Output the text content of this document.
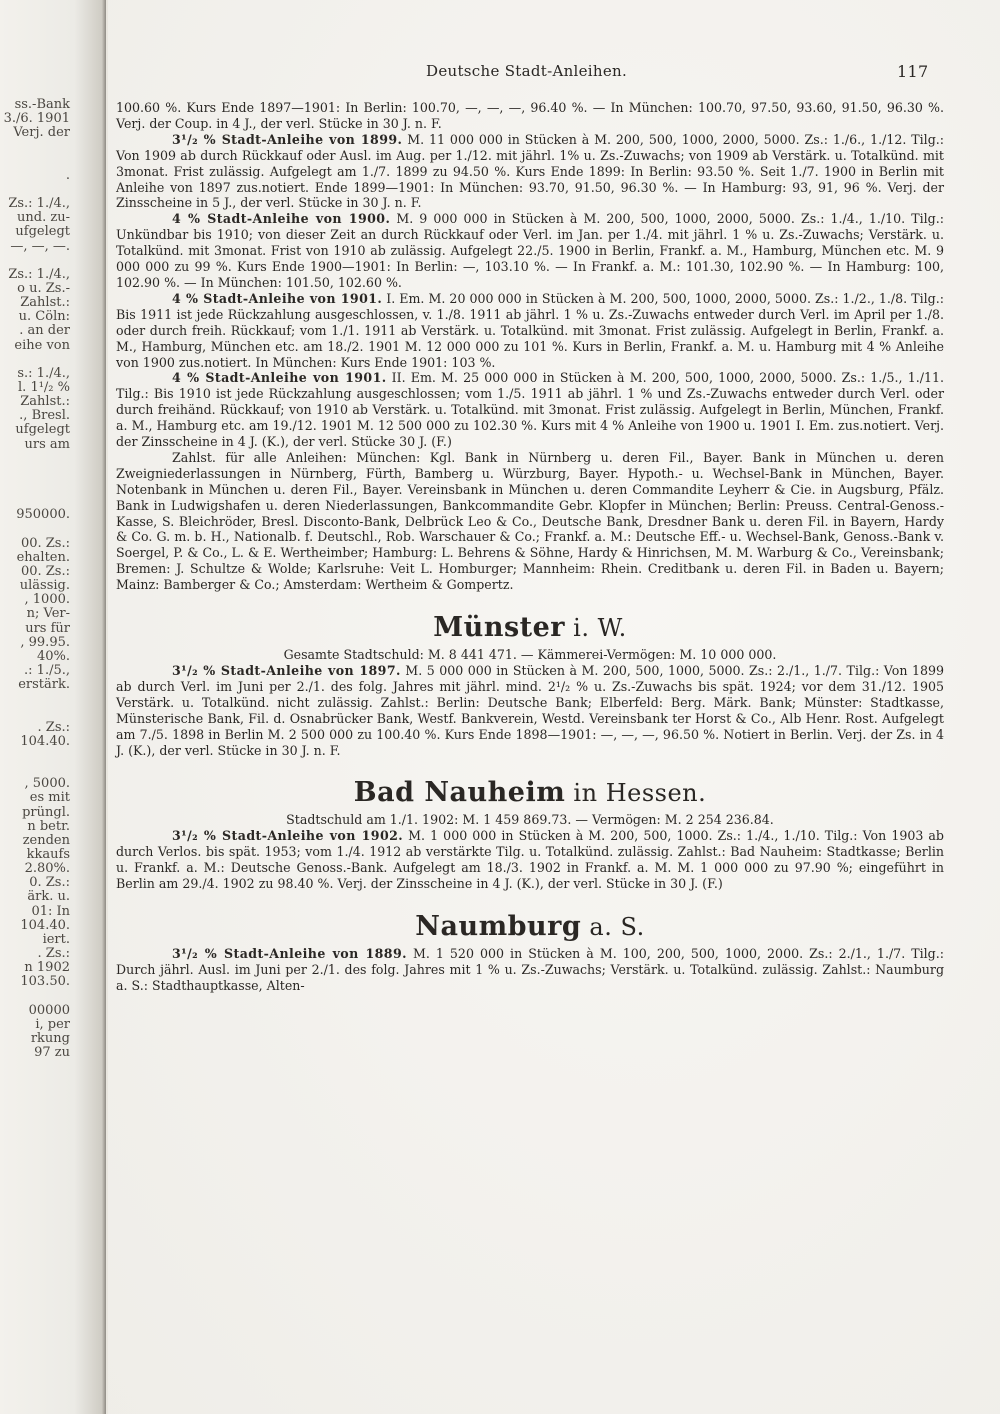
ss.-Bank
3./6. 1901
Verj. der
.
Zs.: 1./4.,
und. zu-
ufgelegt
—, —, —.
Zs.: 1./4.,
o u. Zs.-
Zahlst.:
u. Cöln:
. an der
eihe von
s.: 1./4.,
l. 1¹/₂ %
Zahlst.:
., Bresl.
ufgelegt
urs am
950000.
00. Zs.:
ehalten.
00. Zs.:
ulässig.
, 1000.
n; Ver-
urs für
, 99.95.
40%.
.: 1./5.,
erstärk.
. Zs.:
104.40.
, 5000.
es mit
prüngl.
n betr.
zenden
kkaufs
2.80%.
0. Zs.:
ärk. u.
01: In
104.40.
iert.
. Zs.:
n 1902
103.50.
00000
i, per
rkung
97 zu
Deutsche Stadt-Anleihen.	117

100.60 %. Kurs Ende 1897—1901: In Berlin: 100.70, —, —, —, 96.40 %. — In München: 100.70, 97.50, 93.60, 91.50, 96.30 %. Verj. der Coup. in 4 J., der verl. Stücke in 30 J. n. F.

3¹/₂ % Stadt-Anleihe von 1899. M. 11 000 000 in Stücken à M. 200, 500, 1000, 2000, 5000. Zs.: 1./6., 1./12. Tilg.: Von 1909 ab durch Rückkauf oder Ausl. im Aug. per 1./12. mit jährl. 1% u. Zs.-Zuwachs; von 1909 ab Verstärk. u. Totalkünd. mit 3monat. Frist zulässig. Aufgelegt am 1./7. 1899 zu 94.50 %. Kurs Ende 1899: In Berlin: 93.50 %. Seit 1./7. 1900 in Berlin mit Anleihe von 1897 zus.notiert. Ende 1899—1901: In München: 93.70, 91.50, 96.30 %. — In Hamburg: 93, 91, 96 %. Verj. der Zinsscheine in 5 J., der verl. Stücke in 30 J. n. F.

4 % Stadt-Anleihe von 1900. M. 9 000 000 in Stücken à M. 200, 500, 1000, 2000, 5000. Zs.: 1./4., 1./10. Tilg.: Unkündbar bis 1910; von dieser Zeit an durch Rückkauf oder Verl. im Jan. per 1./4. mit jährl. 1 % u. Zs.-Zuwachs; Verstärk. u. Totalkünd. mit 3monat. Frist von 1910 ab zulässig. Aufgelegt 22./5. 1900 in Berlin, Frankf. a. M., Hamburg, München etc. M. 9 000 000 zu 99 %. Kurs Ende 1900—1901: In Berlin: —, 103.10 %. — In Frankf. a. M.: 101.30, 102.90 %. — In Hamburg: 100, 102.90 %. — In München: 101.50, 102.60 %.

4 % Stadt-Anleihe von 1901. I. Em. M. 20 000 000 in Stücken à M. 200, 500, 1000, 2000, 5000. Zs.: 1./2., 1./8. Tilg.: Bis 1911 ist jede Rückzahlung ausgeschlossen, v. 1./8. 1911 ab jährl. 1 % u. Zs.-Zuwachs entweder durch Verl. im April per 1./8. oder durch freih. Rückkauf; vom 1./1. 1911 ab Verstärk. u. Totalkünd. mit 3monat. Frist zulässig. Aufgelegt in Berlin, Frankf. a. M., Hamburg, München etc. am 18./2. 1901 M. 12 000 000 zu 101 %. Kurs in Berlin, Frankf. a. M. u. Hamburg mit 4 % Anleihe von 1900 zus.notiert. In München: Kurs Ende 1901: 103 %.

4 % Stadt-Anleihe von 1901. II. Em. M. 25 000 000 in Stücken à M. 200, 500, 1000, 2000, 5000. Zs.: 1./5., 1./11. Tilg.: Bis 1910 ist jede Rückzahlung ausgeschlossen; vom 1./5. 1911 ab jährl. 1 % und Zs.-Zuwachs entweder durch Verl. oder durch freihänd. Rückkauf; von 1910 ab Verstärk. u. Totalkünd. mit 3monat. Frist zulässig. Aufgelegt in Berlin, München, Frankf. a. M., Hamburg etc. am 19./12. 1901 M. 12 500 000 zu 102.30 %. Kurs mit 4 % Anleihe von 1900 u. 1901 I. Em. zus.notiert. Verj. der Zinsscheine in 4 J. (K.), der verl. Stücke 30 J. (F.)

Zahlst. für alle Anleihen: München: Kgl. Bank in Nürnberg u. deren Fil., Bayer. Bank in München u. deren Zweigniederlassungen in Nürnberg, Fürth, Bamberg u. Würzburg, Bayer. Hypoth.- u. Wechsel-Bank in München, Bayer. Notenbank in München u. deren Fil., Bayer. Vereinsbank in München u. deren Commandite Leyherr & Cie. in Augsburg, Pfälz. Bank in Ludwigshafen u. deren Niederlassungen, Bankcommandite Gebr. Klopfer in München; Berlin: Preuss. Central-Genoss.-Kasse, S. Bleichröder, Bresl. Disconto-Bank, Delbrück Leo & Co., Deutsche Bank, Dresdner Bank u. deren Fil. in Bayern, Hardy & Co. G. m. b. H., Nationalb. f. Deutschl., Rob. Warschauer & Co.; Frankf. a. M.: Deutsche Eff.- u. Wechsel-Bank, Genoss.-Bank v. Soergel, P. & Co., L. & E. Wertheimber; Hamburg: L. Behrens & Söhne, Hardy & Hinrichsen, M. M. Warburg & Co., Vereinsbank; Bremen: J. Schultze & Wolde; Karlsruhe: Veit L. Homburger; Mannheim: Rhein. Creditbank u. deren Fil. in Baden u. Bayern; Mainz: Bamberger & Co.; Amsterdam: Wertheim & Gompertz.

Münster i. W.

Gesamte Stadtschuld: M. 8 441 471. — Kämmerei-Vermögen: M. 10 000 000.

3¹/₂ % Stadt-Anleihe von 1897. M. 5 000 000 in Stücken à M. 200, 500, 1000, 5000. Zs.: 2./1., 1./7. Tilg.: Von 1899 ab durch Verl. im Juni per 2./1. des folg. Jahres mit jährl. mind. 2¹/₂ % u. Zs.-Zuwachs bis spät. 1924; vor dem 31./12. 1905 Verstärk. u. Totalkünd. nicht zulässig. Zahlst.: Berlin: Deutsche Bank; Elberfeld: Berg. Märk. Bank; Münster: Stadtkasse, Münsterische Bank, Fil. d. Osnabrücker Bank, Westf. Bankverein, Westd. Vereinsbank ter Horst & Co., Alb Henr. Rost. Aufgelegt am 7./5. 1898 in Berlin M. 2 500 000 zu 100.40 %. Kurs Ende 1898—1901: —, —, —, 96.50 %. Notiert in Berlin. Verj. der Zs. in 4 J. (K.), der verl. Stücke in 30 J. n. F.

Bad Nauheim in Hessen.

Stadtschuld am 1./1. 1902: M. 1 459 869.73. — Vermögen: M. 2 254 236.84.

3¹/₂ % Stadt-Anleihe von 1902. M. 1 000 000 in Stücken à M. 200, 500, 1000. Zs.: 1./4., 1./10. Tilg.: Von 1903 ab durch Verlos. bis spät. 1953; vom 1./4. 1912 ab verstärkte Tilg. u. Totalkünd. zulässig. Zahlst.: Bad Nauheim: Stadtkasse; Berlin u. Frankf. a. M.: Deutsche Genoss.-Bank. Aufgelegt am 18./3. 1902 in Frankf. a. M. M. 1 000 000 zu 97.90 %; eingeführt in Berlin am 29./4. 1902 zu 98.40 %. Verj. der Zinsscheine in 4 J. (K.), der verl. Stücke in 30 J. (F.)

Naumburg a. S.

3¹/₂ % Stadt-Anleihe von 1889. M. 1 520 000 in Stücken à M. 100, 200, 500, 1000, 2000. Zs.: 2./1., 1./7. Tilg.: Durch jährl. Ausl. im Juni per 2./1. des folg. Jahres mit 1 % u. Zs.-Zuwachs; Verstärk. u. Totalkünd. zulässig. Zahlst.: Naumburg a. S.: Stadthauptkasse, Alten-
